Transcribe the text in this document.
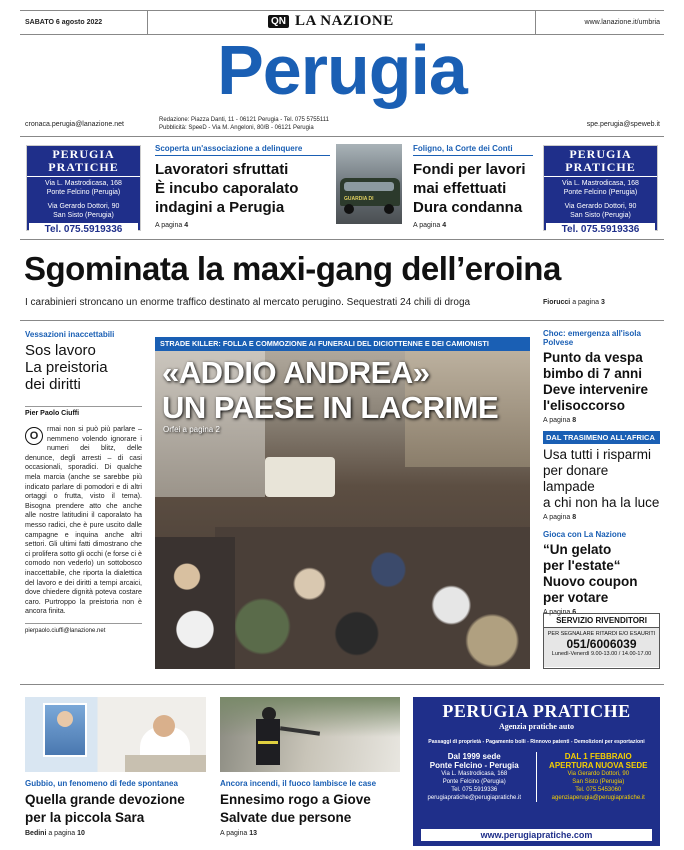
SABATO 6 agosto 2022	QN LA NAZIONE	www.lanazione.it/umbria
Perugia
cronaca.perugia@lanazione.net
Redazione: Piazza Danti, 11 - 06121 Perugia - Tel. 075 5755111
Pubblicità: SpeeD - Via M. Angeloni, 80/B - 06121 Perugia	spe.perugia@speweb.it
PERUGIA
PRATICHE
Via L. Mastrodicasa, 168
Ponte Felcino (Perugia)
Via Gerardo Dottori, 90
San Sisto (Perugia)
Tel. 075.5919336
Scoperta un'associazione a delinquere
Lavoratori sfruttati
È incubo caporalato
indagini a Perugia
A pagina 4
GUARDIA DI
Foligno, la Corte dei Conti
Fondi per lavori
mai effettuati
Dura condanna
A pagina 4
PERUGIA
PRATICHE
Via L. Mastrodicasa, 168
Ponte Felcino (Perugia)
Via Gerardo Dottori, 90
San Sisto (Perugia)
Tel. 075.5919336
Sgominata la maxi-gang dell’eroina
I carabinieri stroncano un enorme traffico destinato al mercato perugino. Sequestrati 24 chili di droga	Fiorucci a pagina 3
Vessazioni inaccettabili
Sos lavoro
La preistoria
dei diritti
Pier Paolo Ciuffi
O
rmai non si può più parlare – nemmeno volendo ignorare i numeri dei blitz, delle denunce, degli arresti – di casi occasionali, sporadici. Di qualche mela marcia (anche se sarebbe più indicato parlare di pomodori e di altri ortaggi o frutta, visto il tema). Bisogna prendere atto che anche alle nostre latitudini il caporalato ha messo radici, che è pure uscito dalle campagne e inquina anche altri settori. Gli ultimi fatti dimostrano che ci prolifera sotto gli occhi (e forse ci è comodo non vederlo) un sottobosco inaccettabile, che riporta la dialettica del lavoro e dei diritti a tempi arcaici, dove chiedere dignità poteva costare caro. Purtroppo la preistoria non è ancora finita.
pierpaolo.ciuffi@lanazione.net
STRADE KILLER: FOLLA E COMMOZIONE AI FUNERALI DEL DICIOTTENNE E DEI CAMIONISTI
«ADDIO ANDREA»
UN PAESE IN LACRIME
Orfei a pagina 2
Choc: emergenza all'isola Polvese
Punto da vespa
bimbo di 7 anni
Deve intervenire
l'elisoccorso
A pagina 8
DAL TRASIMENO ALL'AFRICA
Usa tutti i risparmi
per donare lampade
a chi non ha la luce
A pagina 8
Gioca con La Nazione
“Un gelato
per l'estate“
Nuovo coupon
per votare
A pagina 6
SERVIZIO RIVENDITORI
PER SEGNALARE RITARDI E/O ESAURITI
051/6006039
Lunedì-Venerdì 9.00-13.00 / 14.00-17.00
Gubbio, un fenomeno di fede spontanea
Quella grande devozione
per la piccola Sara
Bedini a pagina 10
Ancora incendi, il fuoco lambisce le case
Ennesimo rogo a Giove
Salvate due persone
A pagina 13
PERUGIA PRATICHE
Agenzia pratiche auto
Passaggi di proprietà - Pagamento bolli - Rinnovo patenti - Demolizioni per esportazioni
Dal 1999 sede
Ponte Felcino - Perugia
Via L. Mastrodicasa, 168
Ponte Felcino (Perugia)
Tel. 075.5919336
perugiapratiche@perugiapratiche.it
DAL 1 FEBBRAIO
APERTURA NUOVA SEDE
Via Gerardo Dottori, 90
San Sisto (Perugia)
Tel. 075.5453060
agenziaperugia@perugiapratiche.it
www.perugiapratiche.com
